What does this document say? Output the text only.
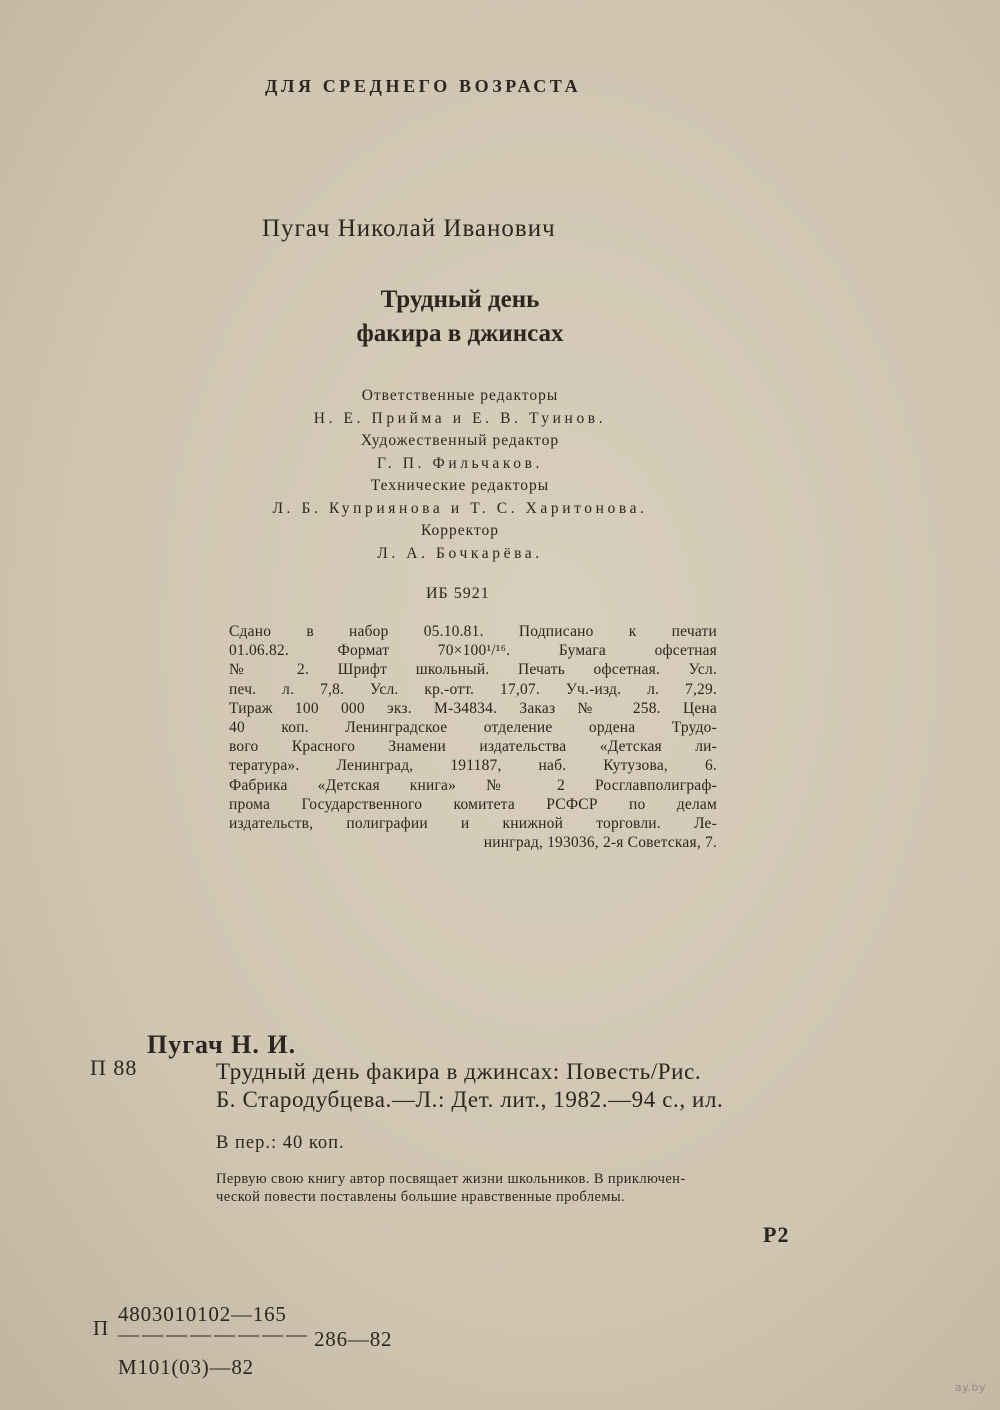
ДЛЯ СРЕДНЕГО ВОЗРАСТА
Пугач Николай Иванович
Трудный день
факира в джинсах
Ответственные редакторы
Н. Е. Прийма и Е. В. Туинов.
Художественный редактор
Г. П. Фильчаков.
Технические редакторы
Л. Б. Куприянова и Т. С. Харитонова.
Корректор
Л. А. Бочкарёва.
ИБ 5921
Сдано в набор 05.10.81. Подписано к печати
01.06.82. Формат 70×100¹/¹⁶. Бумага офсетная
№ 2. Шрифт школьный. Печать офсетная. Усл.
печ. л. 7,8. Усл. кр.-отт. 17,07. Уч.-изд. л. 7,29.
Тираж 100 000 экз. М-34834. Заказ № 258. Цена
40 коп. Ленинградское отделение ордена Трудо-
вого Красного Знамени издательства «Детская ли-
тература». Ленинград, 191187, наб. Кутузова, 6.
Фабрика «Детская книга» № 2 Росглавполиграф-
прома Государственного комитета РСФСР по делам
издательств, полиграфии и книжной торговли. Ле-
нинград, 193036, 2-я Советская, 7.
Пугач Н. И.
П 88	Трудный день факира в джинсах: Повесть/Рис.
Б. Стародубцева.—Л.: Дет. лит., 1982.—94 с., ил.
В пер.: 40 коп.
Первую свою книгу автор посвящает жизни школьников. В приключен-
ческой повести поставлены большие нравственные проблемы.
Р2
П
4803010102—165
———————— 286—82
М101(03)—82
ay.by
